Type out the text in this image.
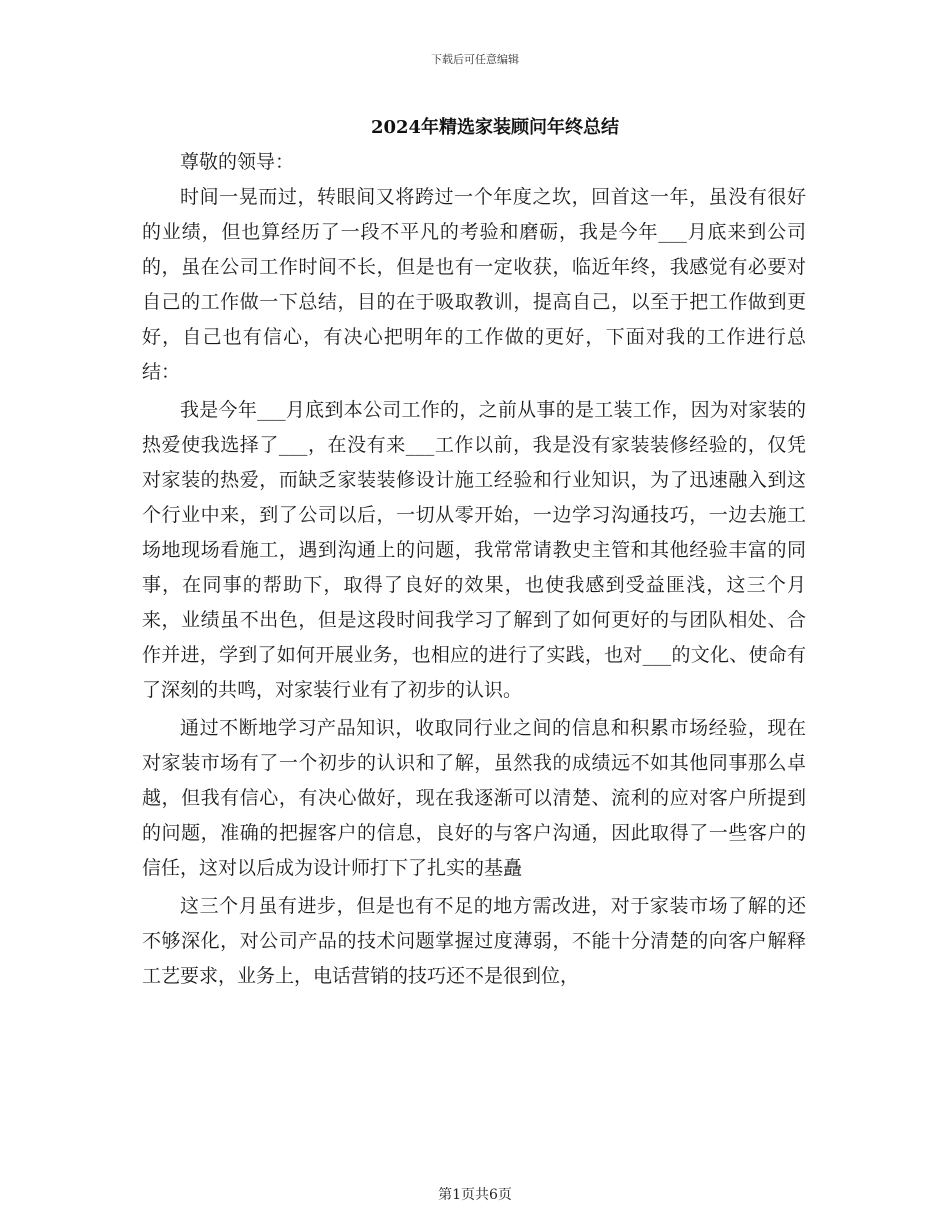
下载后可任意编辑
2024年精选家装顾问年终总结

尊敬的领导：

时间一晃而过，转眼间又将跨过一个年度之坎，回首这一年，虽没有很好的业绩，但也算经历了一段不平凡的考验和磨砺，我是今年___月底来到公司的，虽在公司工作时间不长，但是也有一定收获，临近年终，我感觉有必要对自己的工作做一下总结，目的在于吸取教训，提高自己，以至于把工作做到更好，自己也有信心，有决心把明年的工作做的更好，下面对我的工作进行总结：

我是今年___月底到本公司工作的，之前从事的是工装工作，因为对家装的热爱使我选择了___，在没有来___工作以前，我是没有家装装修经验的，仅凭对家装的热爱，而缺乏家装装修设计施工经验和行业知识，为了迅速融入到这个行业中来，到了公司以后，一切从零开始，一边学习沟通技巧，一边去施工场地现场看施工，遇到沟通上的问题，我常常请教史主管和其他经验丰富的同事，在同事的帮助下，取得了良好的效果，也使我感到受益匪浅，这三个月来，业绩虽不出色，但是这段时间我学习了解到了如何更好的与团队相处、合作并进，学到了如何开展业务，也相应的进行了实践，也对___的文化、使命有了深刻的共鸣，对家装行业有了初步的认识。

通过不断地学习产品知识，收取同行业之间的信息和积累市场经验，现在对家装市场有了一个初步的认识和了解，虽然我的成绩远不如其他同事那么卓越，但我有信心，有决心做好，现在我逐渐可以清楚、流利的应对客户所提到的问题，准确的把握客户的信息，良好的与客户沟通，因此取得了一些客户的信任，这对以后成为设计师打下了扎实的基矗

这三个月虽有进步，但是也有不足的地方需改进，对于家装市场了解的还不够深化，对公司产品的技术问题掌握过度薄弱，不能十分清楚的向客户解释工艺要求，业务上，电话营销的技巧还不是很到位，

第1页共6页
